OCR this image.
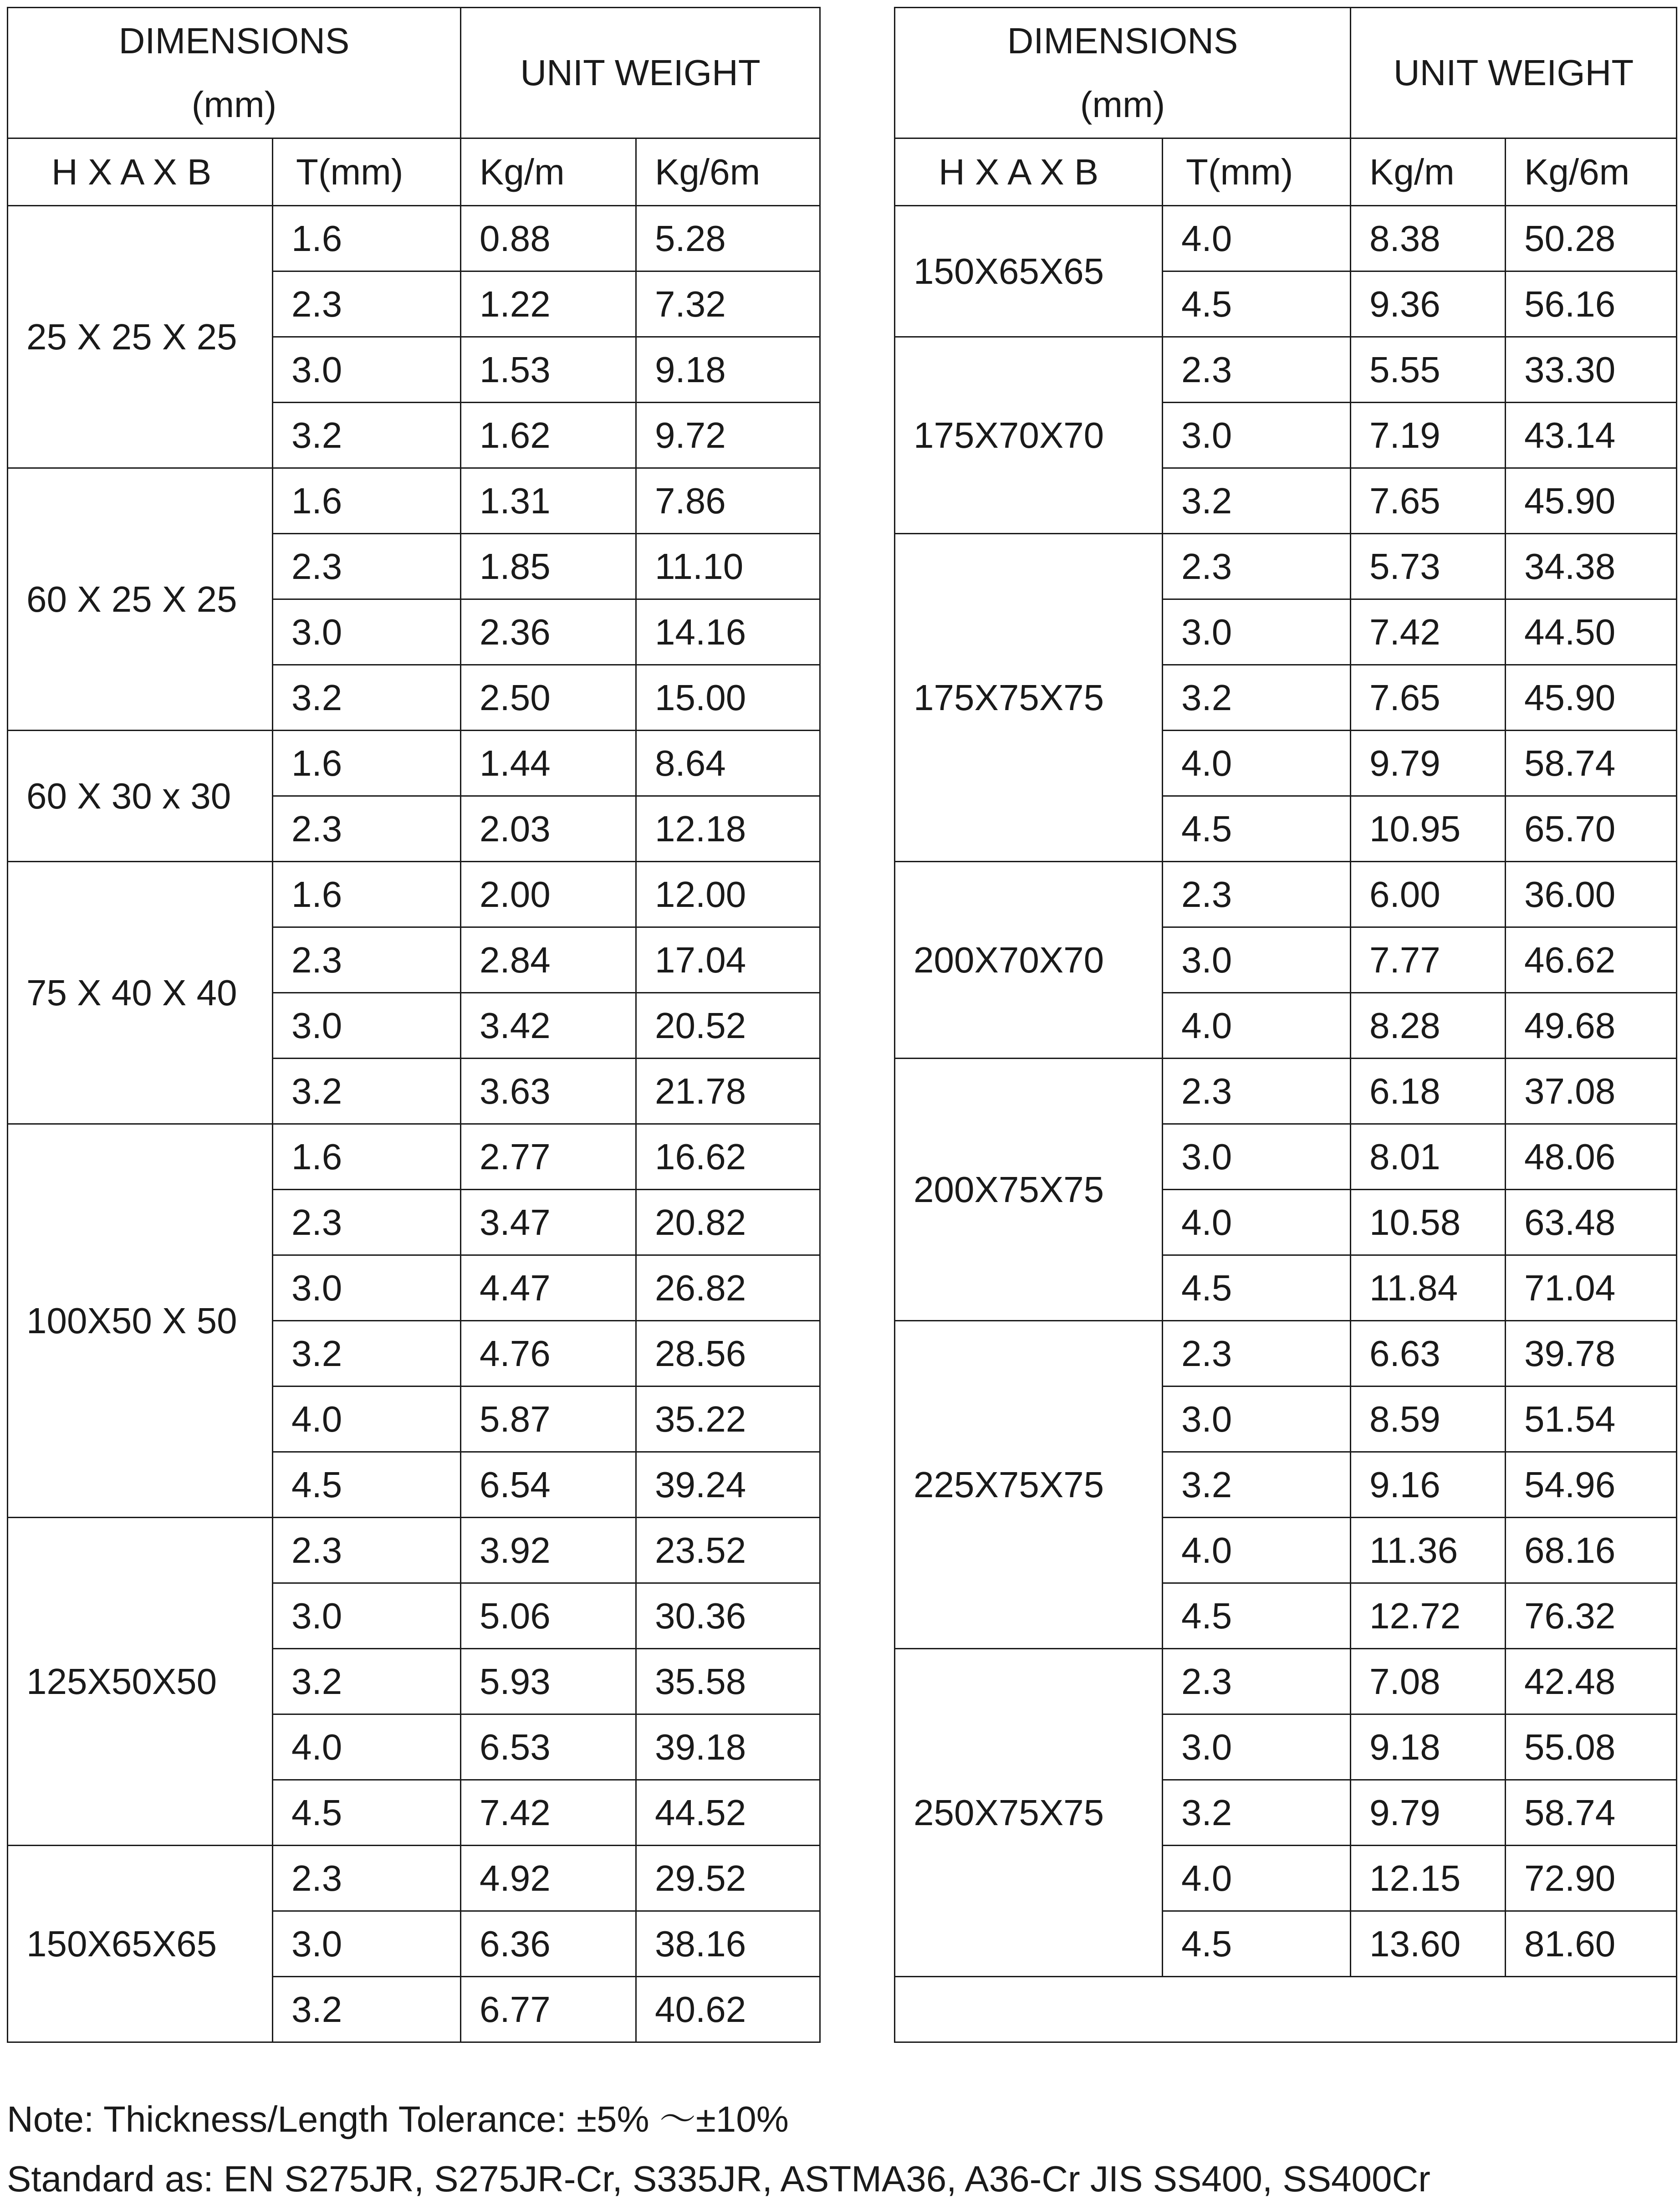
DIMENSIONS
(mm)		UNIT WEIGHT	
H X A X B	T(mm)	Kg/m	Kg/6m
25 X 25 X 25	1.6	0.88	5.28
	2.3	1.22	7.32
	3.0	1.53	9.18
	3.2	1.62	9.72
60 X 25 X 25	1.6	1.31	7.86
	2.3	1.85	11.10
	3.0	2.36	14.16
	3.2	2.50	15.00
60 X 30 x 30	1.6	1.44	8.64
	2.3	2.03	12.18
75 X 40 X 40	1.6	2.00	12.00
	2.3	2.84	17.04
	3.0	3.42	20.52
	3.2	3.63	21.78
100X50 X 50	1.6	2.77	16.62
	2.3	3.47	20.82
	3.0	4.47	26.82
	3.2	4.76	28.56
	4.0	5.87	35.22
	4.5	6.54	39.24
125X50X50	2.3	3.92	23.52
	3.0	5.06	30.36
	3.2	5.93	35.58
	4.0	6.53	39.18
	4.5	7.42	44.52
150X65X65	2.3	4.92	29.52
	3.0	6.36	38.16
	3.2	6.77	40.62
DIMENSIONS
(mm)		UNIT WEIGHT	
H X A X B	T(mm)	Kg/m	Kg/6m
150X65X65	4.0	8.38	50.28
	4.5	9.36	56.16
175X70X70	2.3	5.55	33.30
	3.0	7.19	43.14
	3.2	7.65	45.90
175X75X75	2.3	5.73	34.38
	3.0	7.42	44.50
	3.2	7.65	45.90
	4.0	9.79	58.74
	4.5	10.95	65.70
200X70X70	2.3	6.00	36.00
	3.0	7.77	46.62
	4.0	8.28	49.68
200X75X75	2.3	6.18	37.08
	3.0	8.01	48.06
	4.0	10.58	63.48
	4.5	11.84	71.04
225X75X75	2.3	6.63	39.78
	3.0	8.59	51.54
	3.2	9.16	54.96
	4.0	11.36	68.16
	4.5	12.72	76.32
250X75X75	2.3	7.08	42.48
	3.0	9.18	55.08
	3.2	9.79	58.74
	4.0	12.15	72.90
	4.5	13.60	81.60

Note: Thickness/Length Tolerance: ±5% ～±10%
Standard as: EN S275JR, S275JR-Cr, S335JR, ASTMA36, A36-Cr JIS SS400, SS400Cr
